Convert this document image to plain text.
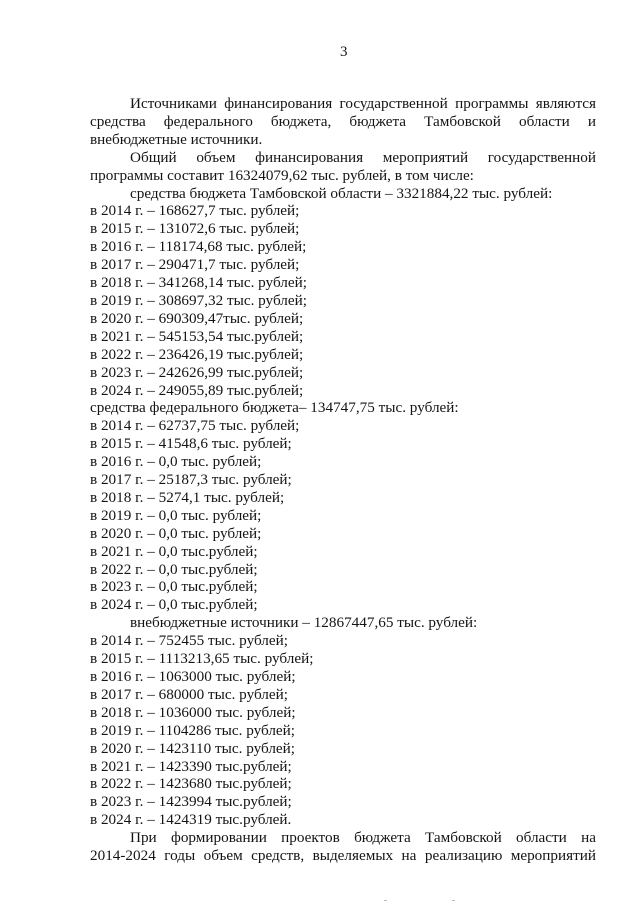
3
Источниками финансирования государственной программы являются
средства федерального бюджета, бюджета Тамбовской области и
внебюджетные источники.
Общий объем финансирования мероприятий государственной
программы составит 16324079,62 тыс. рублей, в том числе:
средства бюджета Тамбовской области – 3321884,22 тыс. рублей:
в 2014 г. – 168627,7 тыс. рублей;
в 2015 г. – 131072,6 тыс. рублей;
в 2016 г. – 118174,68 тыс. рублей;
в 2017 г. – 290471,7 тыс. рублей;
в 2018 г. – 341268,14 тыс. рублей;
в 2019 г. – 308697,32 тыс. рублей;
в 2020 г. – 690309,47тыс. рублей;
в 2021 г. – 545153,54 тыс.рублей;
в 2022 г. – 236426,19 тыс.рублей;
в 2023 г. – 242626,99 тыс.рублей;
в 2024 г. – 249055,89 тыс.рублей;
средства федерального бюджета– 134747,75 тыс. рублей:
в 2014 г. – 62737,75 тыс. рублей;
в 2015 г. – 41548,6 тыс. рублей;
в 2016 г. – 0,0 тыс. рублей;
в 2017 г. – 25187,3 тыс. рублей;
в 2018 г. – 5274,1 тыс. рублей;
в 2019 г. – 0,0 тыс. рублей;
в 2020 г. – 0,0 тыс. рублей;
в 2021 г. – 0,0 тыс.рублей;
в 2022 г. – 0,0 тыс.рублей;
в 2023 г. – 0,0 тыс.рублей;
в 2024 г. – 0,0 тыс.рублей;
внебюджетные источники – 12867447,65 тыс. рублей:
в 2014 г. – 752455 тыс. рублей;
в 2015 г. – 1113213,65 тыс. рублей;
в 2016 г. – 1063000 тыс. рублей;
в 2017 г. – 680000 тыс. рублей;
в 2018 г. – 1036000 тыс. рублей;
в 2019 г. – 1104286 тыс. рублей;
в 2020 г. – 1423110 тыс. рублей;
в 2021 г. – 1423390 тыс.рублей;
в 2022 г. – 1423680 тыс.рублей;
в 2023 г. – 1423994 тыс.рублей;
в 2024 г. – 1424319 тыс.рублей.
При формировании проектов бюджета Тамбовской области на
2014-2024 годы объем средств, выделяемых на реализацию мероприятий
